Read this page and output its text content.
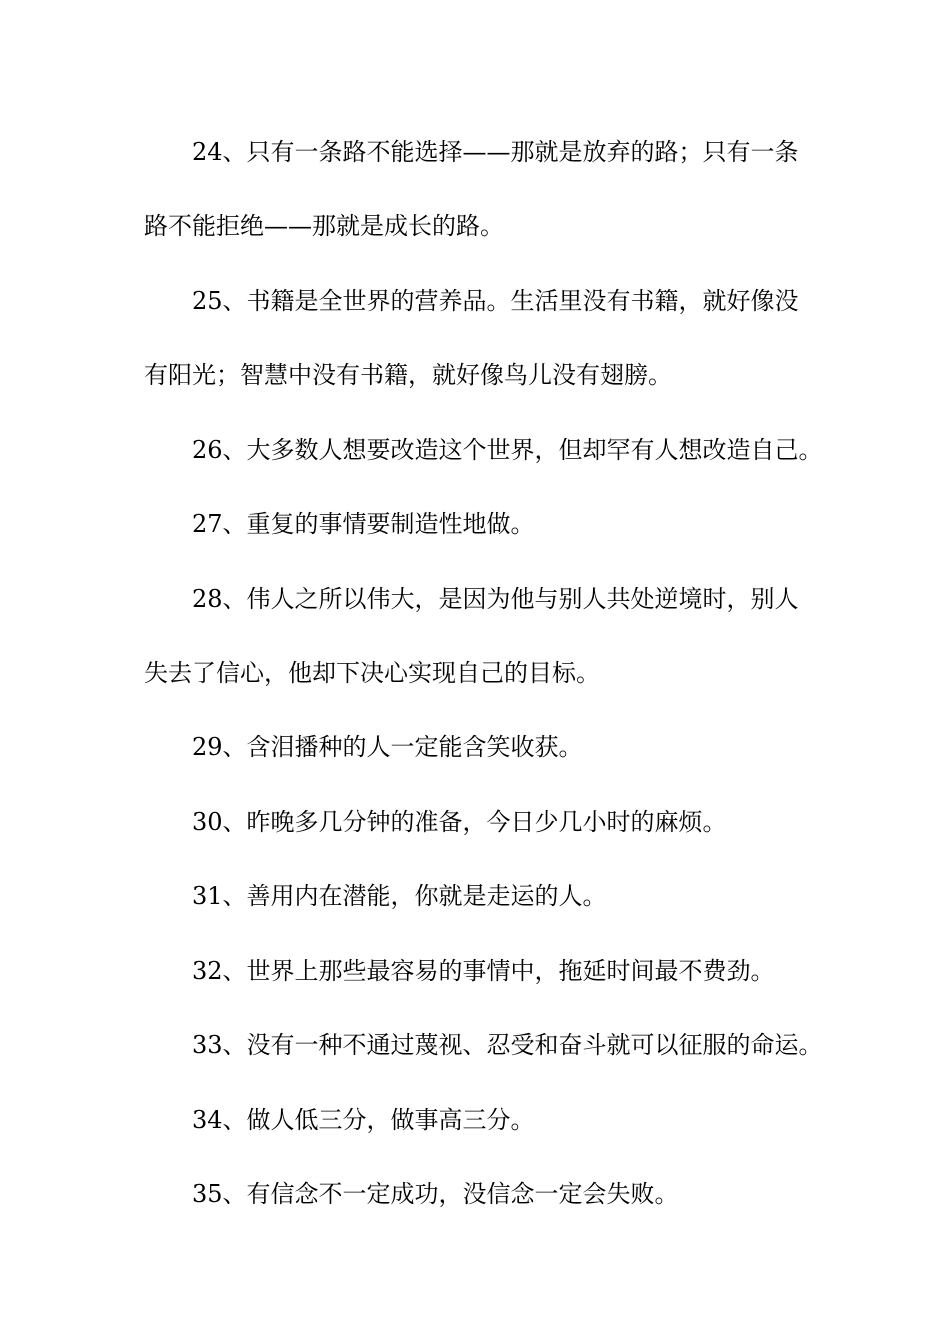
24、只有一条路不能选择——那就是放弃的路；只有一条
路不能拒绝——那就是成长的路。
25、书籍是全世界的营养品。生活里没有书籍，就好像没
有阳光；智慧中没有书籍，就好像鸟儿没有翅膀。
26、大多数人想要改造这个世界，但却罕有人想改造自己。
27、重复的事情要制造性地做。
28、伟人之所以伟大，是因为他与别人共处逆境时，别人
失去了信心，他却下决心实现自己的目标。
29、含泪播种的人一定能含笑收获。
30、昨晚多几分钟的准备，今日少几小时的麻烦。
31、善用内在潜能，你就是走运的人。
32、世界上那些最容易的事情中，拖延时间最不费劲。
33、没有一种不通过蔑视、忍受和奋斗就可以征服的命运。
34、做人低三分，做事高三分。
35、有信念不一定成功，没信念一定会失败。
